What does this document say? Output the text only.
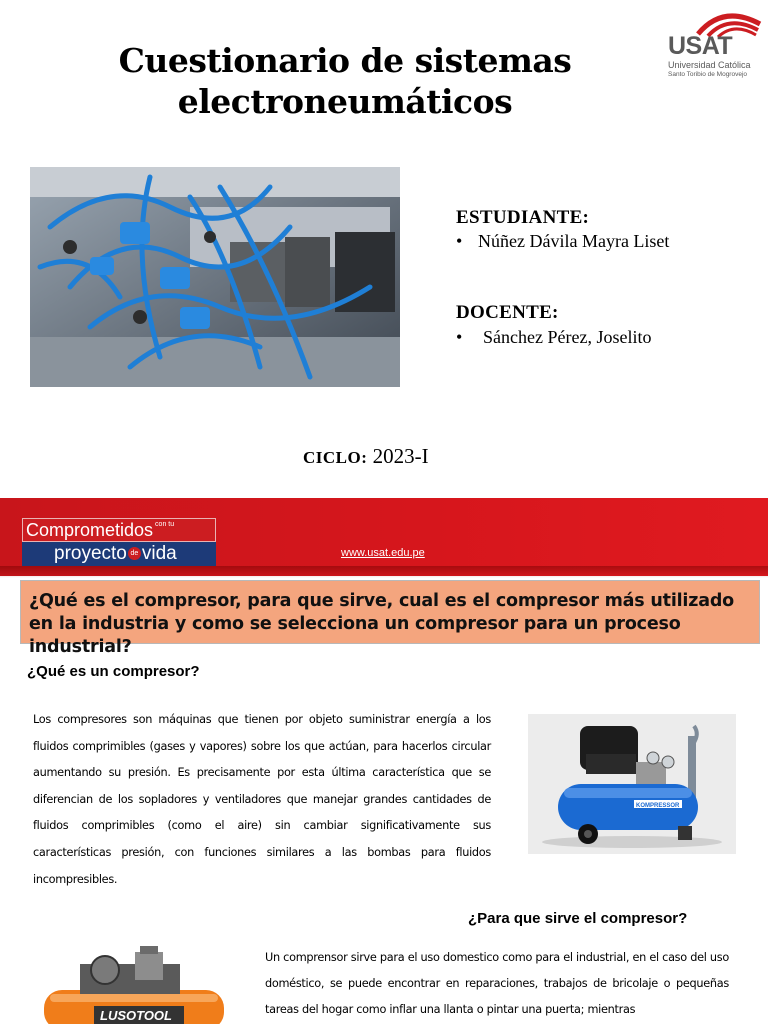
Cuestionario de sistemas
electroneumáticos
USAT
Universidad Católica
Santo Toribio de Mogrovejo
ESTUDIANTE:
• Núñez Dávila Mayra Liset
DOCENTE:
• Sánchez Pérez, Joselito
CICLO: 2023-I
Comprometidos con tu
proyecto de vida	www.usat.edu.pe
¿Qué es el compresor, para que sirve, cual es el compresor más utilizado en la industria y como se selecciona un compresor para un proceso industrial?
¿Qué es un compresor?
Los compresores son máquinas que tienen por objeto suministrar energía a los fluidos comprimibles (gases y vapores) sobre los que actúan, para hacerlos circular aumentando su presión. Es precisamente por esta última característica que se diferencian de los sopladores y ventiladores que manejar grandes cantidades de fluidos comprimibles (como el aire) sin cambiar significativamente sus características presión, con funciones similares a las bombas para fluidos incompresibles.
KOMPRESSOR
¿Para que sirve el compresor?
LUSOTOOL
Un comprensor sirve para el uso domestico como para el industrial, en el caso del uso doméstico, se puede encontrar en reparaciones, trabajos de bricolaje o pequeñas tareas del hogar como inflar una llanta o pintar una puerta; mientras
